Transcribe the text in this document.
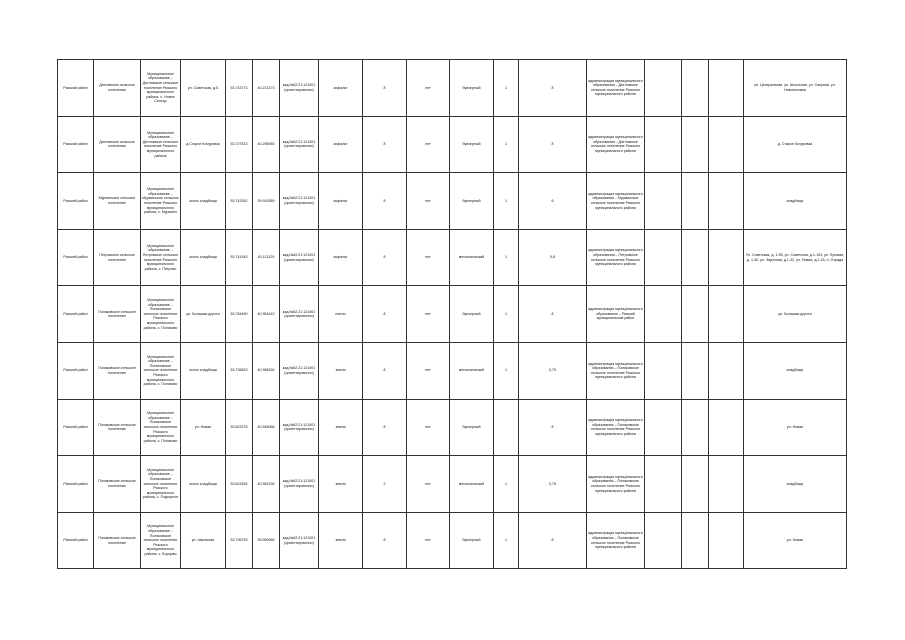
Рязский район	Дятловское сельское поселение	Муниципальное образование – Дятловское сельское поселение Рязского муниципального района, с. Новое Сельцо	ул. Советская, д.5	53.743773	40.213173	кад.№62:21:121001 (ориентировочно)	асфальт	8	нет	бункерный	1	8	администрация муниципального образования – Дятловское сельское поселение Рязского муниципального района				ул. Центральная, ул. Школьная, ул. Озерная, ул. Новоселовка
Рязский район	Дятловское сельское поселение	Муниципальное образование – Дятловское сельское поселение Рязского муниципального района	д.Старое Кочуровка	53.727513	40.298950	кад.№62:21:121001 (ориентировочно)	асфальт	8	нет	бункерный	1	8	администрация муниципального образования – Дятловское сельское поселение Рязского муниципального района				д. Старое Кочуровка
Рязский район	Мурминское сельское поселение	Муниципальное образование – Мурминское сельское поселение Рязского муниципального района, с. Мурмино	около кладбища	53.743262	39.918389	кад.№62:21:121001 (ориентировочно)	асфальт	8	нет	бункерный	1	6	администрация муниципального образования – Мурминское сельское поселение Рязского муниципального района				кладбище
Рязский район	Петровское сельское поселение	Муниципальное образование – Петровское сельское поселение Рязского муниципального района, с. Петрово	около кладбища	53.741543	40.113129	кад.№62:21:121001 (ориентировочно)	асфальт	8	нет	металлический	1	0,8	администрация муниципального образования – Петровское сельское поселение Рязского муниципального района				Ул. Советская, д. 1-95, ул. Советская, д.1-104, ул. Луговая, д. 1-30, ул. Заречная, д.1-32, ул. Новая, д.1-16, п. Отрада
Рязский район	Поляковское сельское поселение	Муниципальное образование – Поляковское сельское поселение Рязского муниципального района, с. Поляково	ул. Большая дорога	53.784490	40.954410	кад.№62:21:121001 (ориентировочно)	плиты	8	нет	бункерный	1	8	администрация муниципального образования – Рязский муниципальный район				ул. Большая дорога
Рязский район	Поляковское сельское поселение	Муниципальное образование – Поляковское сельское поселение Рязского муниципального района, с. Поляково	около кладбища	53.736823	40.958150	кад.№62:21:121001 (ориентировочно)	земля	8	нет	металлический	1	0,75	администрация муниципального образования – Поляковское сельское поселение Рязского муниципального района				кладбище
Рязский район	Поляковское сельское поселение	Муниципальное образование – Поляковское сельское поселение Рязского муниципального района, с. Поляково	ул. Новая	53.823278	40.948066	кад.№62:21:121001 (ориентировочно)	земля	8	нет	бункерный		8	администрация муниципального образования – Поляковское сельское поселение Рязского муниципального района				ул. Новая
Рязский район	Поляковское сельское поселение	Муниципальное образование – Поляковское сельское поселение Рязского муниципального района, с. Подгорное	около кладбища	53.823284	40.963135	кад.№62:21:121001 (ориентировочно)	земля	2	нет	металлический	1	0,75	администрация муниципального образования – Поляковское сельское поселение Рязского муниципального района				кладбище
Рязский район	Поляковское сельское поселение	Муниципальное образование – Поляковское сельское поселение Рязского муниципального района, с. Борцово	ул. Школьная	53.796793	39.989065	кад.№62:21:121001 (ориентировочно)	земля	8	нет	бункерный	1	8	администрация муниципального образования – Поляковское сельское поселение Рязского муниципального района				ул. Новая
